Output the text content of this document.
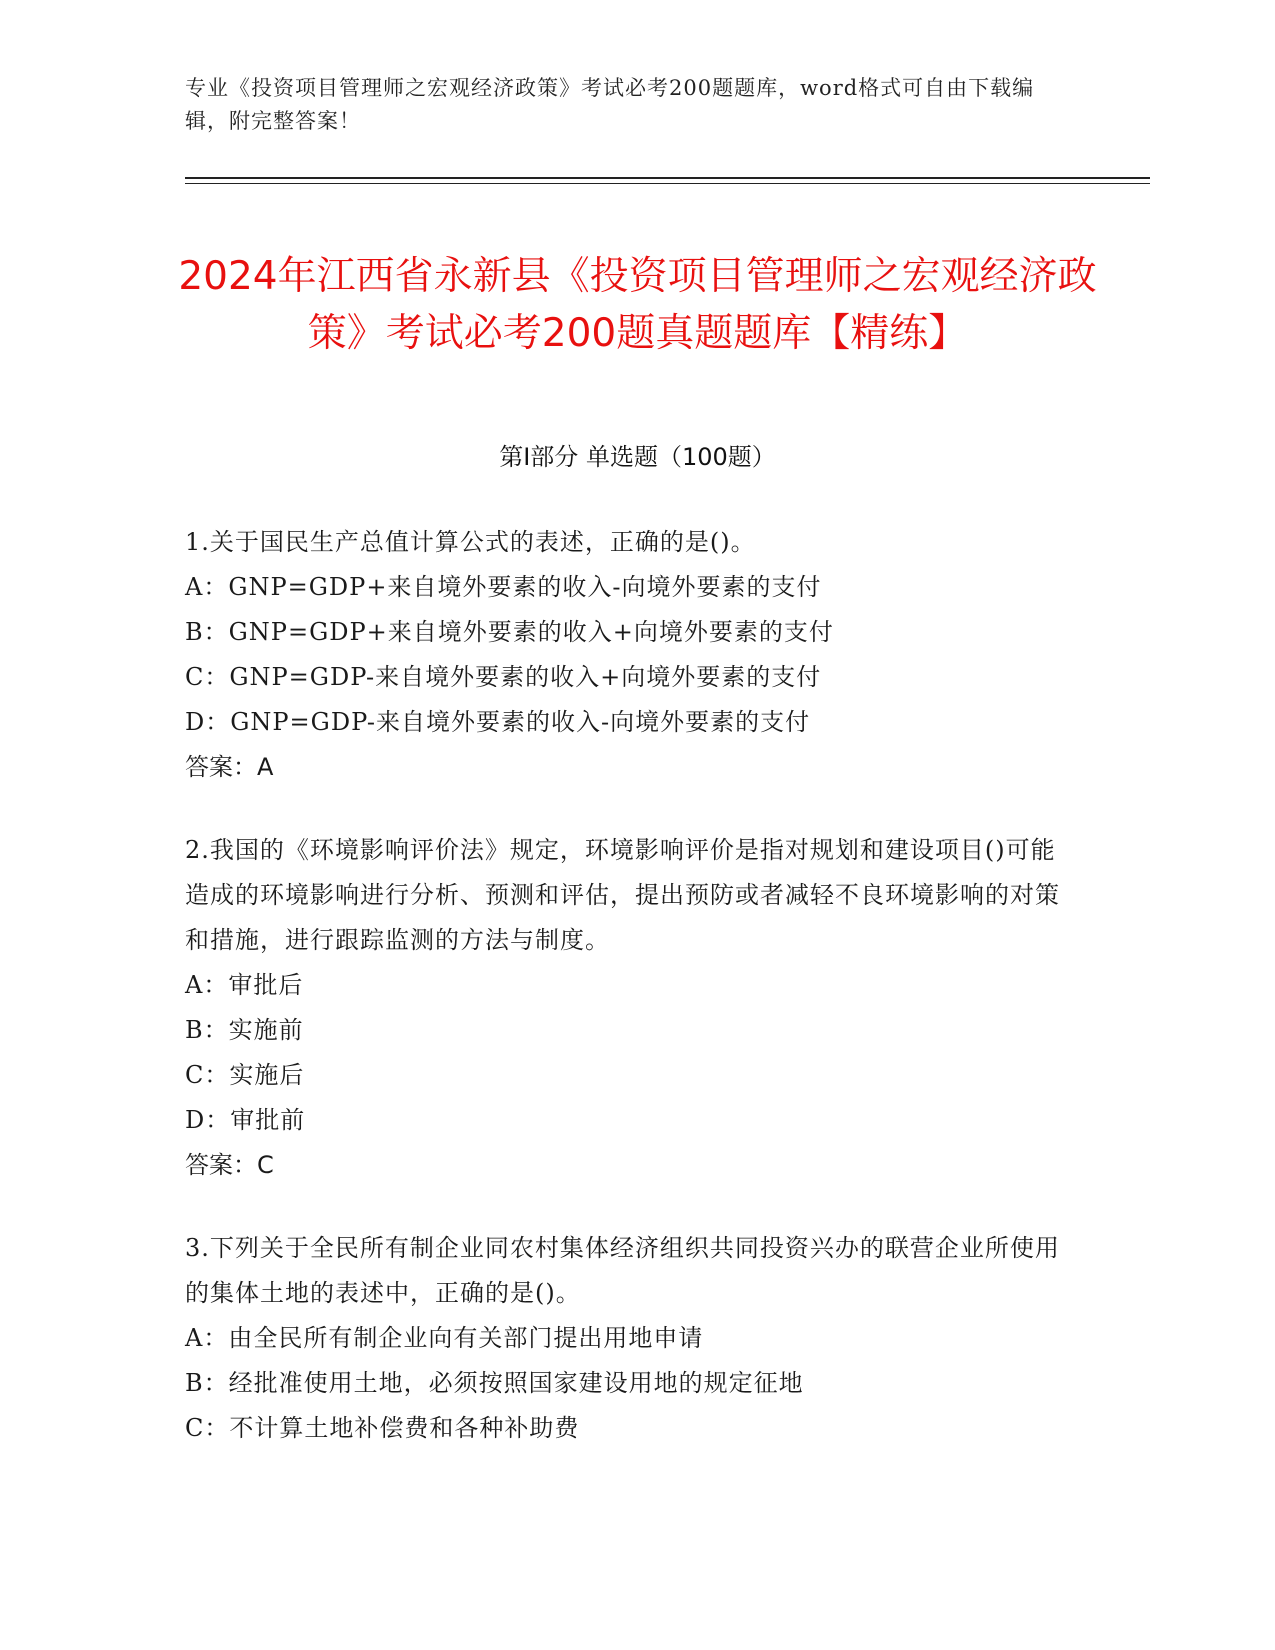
专业《投资项目管理师之宏观经济政策》考试必考200题题库，word格式可自由下载编辑，附完整答案！
2024年江西省永新县《投资项目管理师之宏观经济政策》考试必考200题真题题库【精练】
第I部分 单选题（100题）

1.关于国民生产总值计算公式的表述，正确的是()。

A：GNP=GDP+来自境外要素的收入-向境外要素的支付

B：GNP=GDP+来自境外要素的收入+向境外要素的支付

C：GNP=GDP-来自境外要素的收入+向境外要素的支付

D：GNP=GDP-来自境外要素的收入-向境外要素的支付

答案：A

2.我国的《环境影响评价法》规定，环境影响评价是指对规划和建设项目()可能造成的环境影响进行分析、预测和评估，提出预防或者减轻不良环境影响的对策和措施，进行跟踪监测的方法与制度。

A：审批后

B：实施前

C：实施后

D：审批前

答案：C

3.下列关于全民所有制企业同农村集体经济组织共同投资兴办的联营企业所使用的集体土地的表述中，正确的是()。

A：由全民所有制企业向有关部门提出用地申请

B：经批准使用土地，必须按照国家建设用地的规定征地

C：不计算土地补偿费和各种补助费
